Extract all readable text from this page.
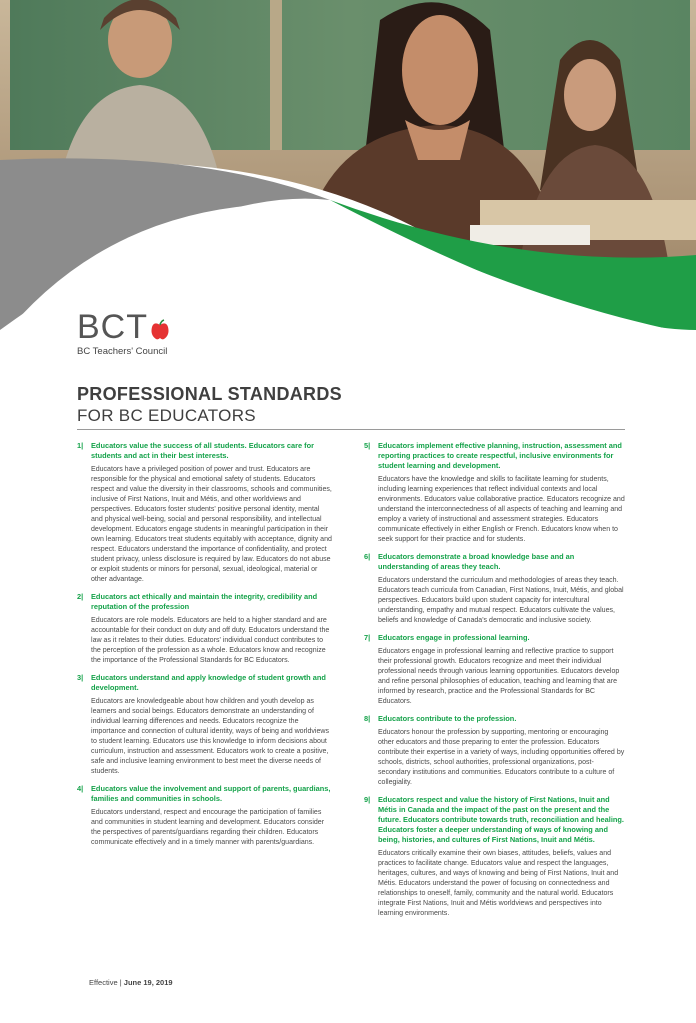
BCT
BC Teachers' Council
PROFESSIONAL STANDARDS
FOR BC EDUCATORS
1|	Educators value the success of all students. Educators care for students and act in their best interests.
Educators have a privileged position of power and trust. Educators are responsible for the physical and emotional safety of students. Educators respect and value the diversity in their classrooms, schools and communities, inclusive of First Nations, Inuit and Métis, and other worldviews and perspectives. Educators foster students' positive personal identity, mental and physical well-being, social and personal responsibility, and intellectual development. Educators engage students in meaningful participation in their own learning. Educators treat students equitably with acceptance, dignity and respect. Educators understand the importance of confidentiality, and protect student privacy, unless disclosure is required by law. Educators do not abuse or exploit students or minors for personal, sexual, ideological, material or other advantage.
2|	Educators act ethically and maintain the integrity, credibility and reputation of the profession
Educators are role models. Educators are held to a higher standard and are accountable for their conduct on duty and off duty. Educators understand the law as it relates to their duties. Educators' individual conduct contributes to the perception of the profession as a whole. Educators know and recognize the importance of the Professional Standards for BC Educators.
3|	Educators understand and apply knowledge of student growth and development.
Educators are knowledgeable about how children and youth develop as learners and social beings. Educators demonstrate an understanding of individual learning differences and needs. Educators recognize the importance and connection of cultural identity, ways of being and worldviews to student learning. Educators use this knowledge to inform decisions about curriculum, instruction and assessment. Educators work to create a positive, safe and inclusive learning environment to best meet the diverse needs of students.
4|	Educators value the involvement and support of parents, guardians, families and communities in schools.
Educators understand, respect and encourage the participation of families and communities in student learning and development. Educators consider the perspectives of parents/guardians regarding their children. Educators communicate effectively and in a timely manner with parents/guardians.
5|	Educators implement effective planning, instruction, assessment and reporting practices to create respectful, inclusive environments for student learning and development.
Educators have the knowledge and skills to facilitate learning for students, including learning experiences that reflect individual contexts and local environments. Educators value collaborative practice. Educators recognize and understand the interconnectedness of all aspects of teaching and learning and employ a variety of instructional and assessment strategies. Educators communicate effectively in either English or French. Educators know when to seek support for their practice and for students.
6|	Educators demonstrate a broad knowledge base and an understanding of areas they teach.
Educators understand the curriculum and methodologies of areas they teach. Educators teach curricula from Canadian, First Nations, Inuit, Métis, and global perspectives. Educators build upon student capacity for intercultural understanding, empathy and mutual respect. Educators cultivate the values, beliefs and knowledge of Canada's democratic and inclusive society.
7|	Educators engage in professional learning.
Educators engage in professional learning and reflective practice to support their professional growth. Educators recognize and meet their individual professional needs through various learning opportunities. Educators develop and refine personal philosophies of education, teaching and learning that are informed by research, practice and the Professional Standards for BC Educators.
8|	Educators contribute to the profession.
Educators honour the profession by supporting, mentoring or encouraging other educators and those preparing to enter the profession. Educators contribute their expertise in a variety of ways, including opportunities offered by schools, districts, school authorities, professional organizations, post-secondary institutions and communities. Educators contribute to a culture of collegiality.
9|	Educators respect and value the history of First Nations, Inuit and Métis in Canada and the impact of the past on the present and the future. Educators contribute towards truth, reconciliation and healing. Educators foster a deeper understanding of ways of knowing and being, histories, and cultures of First Nations, Inuit and Métis.
Educators critically examine their own biases, attitudes, beliefs, values and practices to facilitate change. Educators value and respect the languages, heritages, cultures, and ways of knowing and being of First Nations, Inuit and Métis. Educators understand the power of focusing on connectedness and relationships to oneself, family, community and the natural world. Educators integrate First Nations, Inuit and Métis worldviews and perspectives into learning environments.
Effective | June 19, 2019
